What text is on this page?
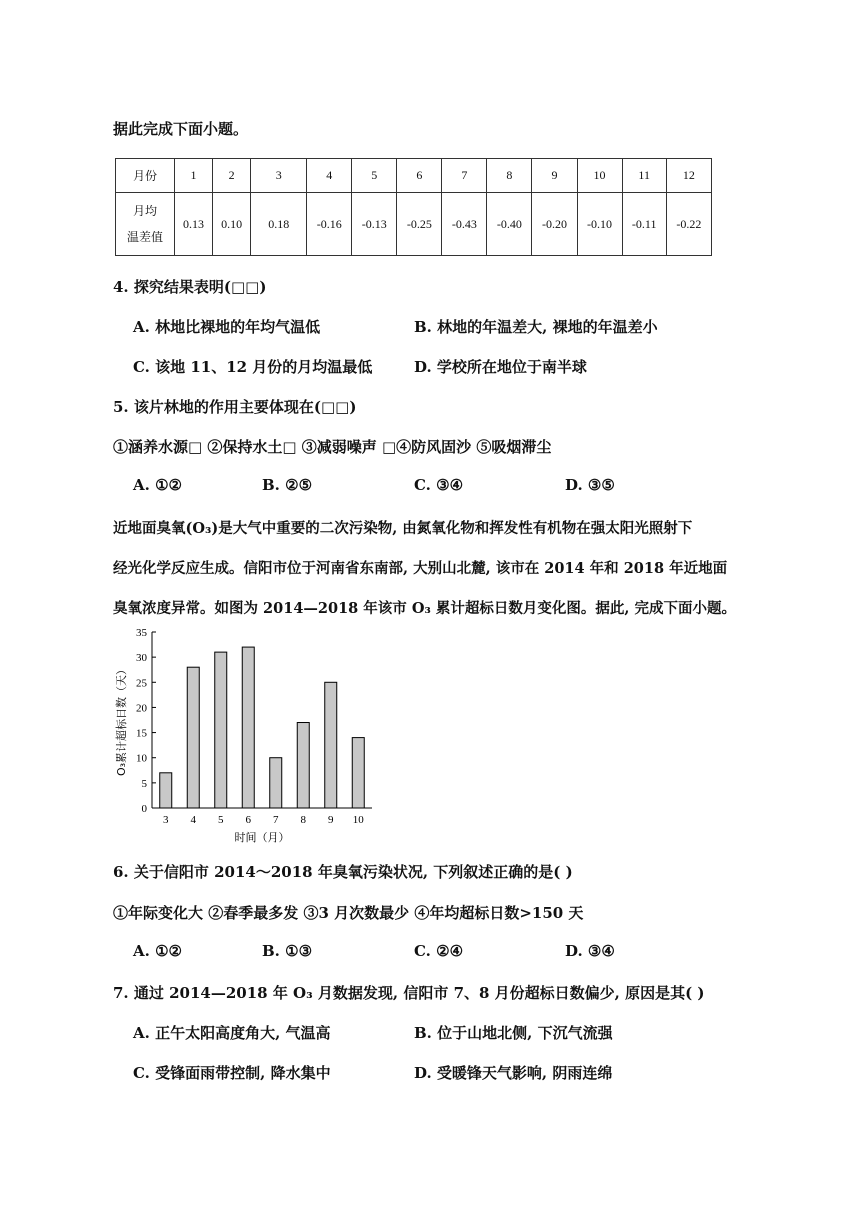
据此完成下面小题。
月份	1	2	3	4	5	6	7	8	9	10	11	12

月均
温差值	0.13	0.10	0.18	-0.16	-0.13	-0.25	-0.43	-0.40	-0.20	-0.10	-0.11	-0.22
4. 探究结果表明(□□)
A. 林地比裸地的年均气温低	B. 林地的年温差大, 裸地的年温差小
C. 该地 11、12 月份的月均温最低	D. 学校所在地位于南半球
5. 该片林地的作用主要体现在(□□)
①涵养水源□ ②保持水土□ ③减弱噪声 □④防风固沙 ⑤吸烟滞尘
A. ①②	B. ②⑤	C. ③④	D. ③⑤
近地面臭氧(O₃)是大气中重要的二次污染物, 由氮氧化物和挥发性有机物在强太阳光照射下
经光化学反应生成。信阳市位于河南省东南部, 大别山北麓, 该市在 2014 年和 2018 年近地面
臭氧浓度异常。如图为 2014—2018 年该市 O₃ 累计超标日数月变化图。据此, 完成下面小题。
0
5
10
15
20
25
30
35
3 4 5 6 7 8 9 10
时间（月）
O₃累计超标日数（天）
6. 关于信阳市 2014～2018 年臭氧污染状况, 下列叙述正确的是( )
①年际变化大 ②春季最多发 ③3 月次数最少 ④年均超标日数>150 天
A. ①②	B. ①③	C. ②④	D. ③④
7. 通过 2014—2018 年 O₃ 月数据发现, 信阳市 7、8 月份超标日数偏少, 原因是其( )
A. 正午太阳高度角大, 气温高	B. 位于山地北侧, 下沉气流强
C. 受锋面雨带控制, 降水集中	D. 受暖锋天气影响, 阴雨连绵
